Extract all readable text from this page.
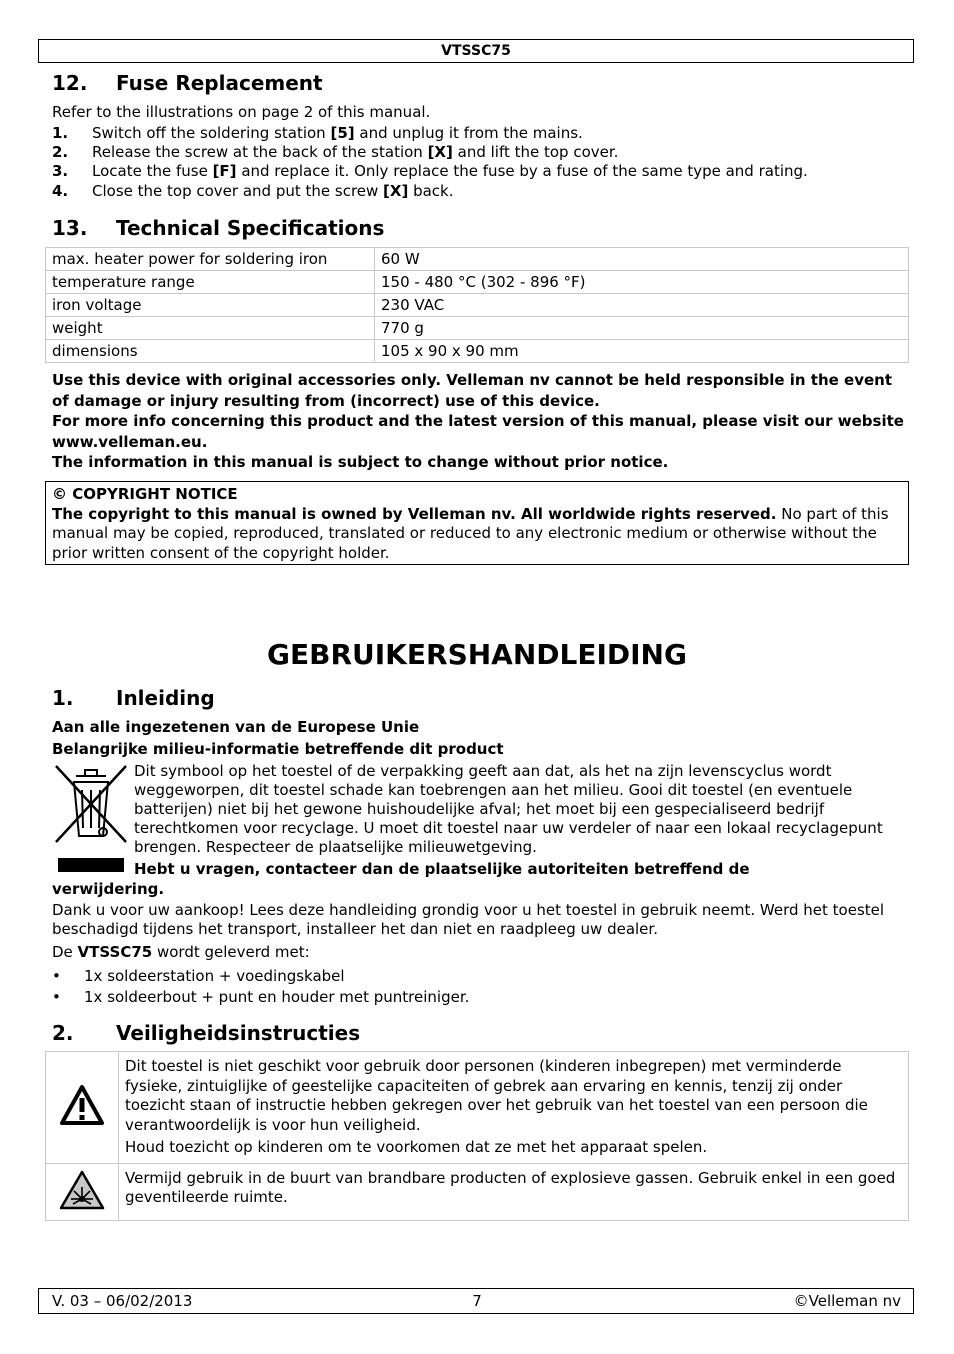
VTSSC75
12. Fuse Replacement
Refer to the illustrations on page 2 of this manual.
1. Switch off the soldering station [5] and unplug it from the mains.
2. Release the screw at the back of the station [X] and lift the top cover.
3. Locate the fuse [F] and replace it. Only replace the fuse by a fuse of the same type and rating.
4. Close the top cover and put the screw [X] back.
13. Technical Specifications
max. heater power for soldering iron	60 W
temperature range	150 - 480 °C (302 - 896 °F)
iron voltage	230 VAC
weight	770 g
dimensions	105 x 90 x 90 mm
Use this device with original accessories only. Velleman nv cannot be held responsible in the event of damage or injury resulting from (incorrect) use of this device.
For more info concerning this product and the latest version of this manual, please visit our website www.velleman.eu.
The information in this manual is subject to change without prior notice.
© COPYRIGHT NOTICE
The copyright to this manual is owned by Velleman nv. All worldwide rights reserved. No part of this manual may be copied, reproduced, translated or reduced to any electronic medium or otherwise without the prior written consent of the copyright holder.
GEBRUIKERSHANDLEIDING
1. Inleiding
Aan alle ingezetenen van de Europese Unie
Belangrijke milieu-informatie betreffende dit product
Dit symbool op het toestel of de verpakking geeft aan dat, als het na zijn levenscyclus wordt weggeworpen, dit toestel schade kan toebrengen aan het milieu. Gooi dit toestel (en eventuele batterijen) niet bij het gewone huishoudelijke afval; het moet bij een gespecialiseerd bedrijf terechtkomen voor recyclage. U moet dit toestel naar uw verdeler of naar een lokaal recyclagepunt brengen. Respecteer de plaatselijke milieuwetgeving.
Hebt u vragen, contacteer dan de plaatselijke autoriteiten betreffend de
verwijdering.
Dank u voor uw aankoop! Lees deze handleiding grondig voor u het toestel in gebruik neemt. Werd het toestel beschadigd tijdens het transport, installeer het dan niet en raadpleeg uw dealer.
De VTSSC75 wordt geleverd met:
• 1x soldeerstation + voedingskabel
• 1x soldeerbout + punt en houder met puntreiniger.
2. Veiligheidsinstructies

Dit toestel is niet geschikt voor gebruik door personen (kinderen inbegrepen) met verminderde fysieke, zintuiglijke of geestelijke capaciteiten of gebrek aan ervaring en kennis, tenzij zij onder toezicht staan of instructie hebben gekregen over het gebruik van het toestel van een persoon die verantwoordelijk is voor hun veiligheid.
Houd toezicht op kinderen om te voorkomen dat ze met het apparaat spelen.

	Vermijd gebruik in de buurt van brandbare producten of explosieve gassen. Gebruik enkel in een goed geventileerde ruimte.
7
V. 03 – 06/02/2013	©Velleman nv
